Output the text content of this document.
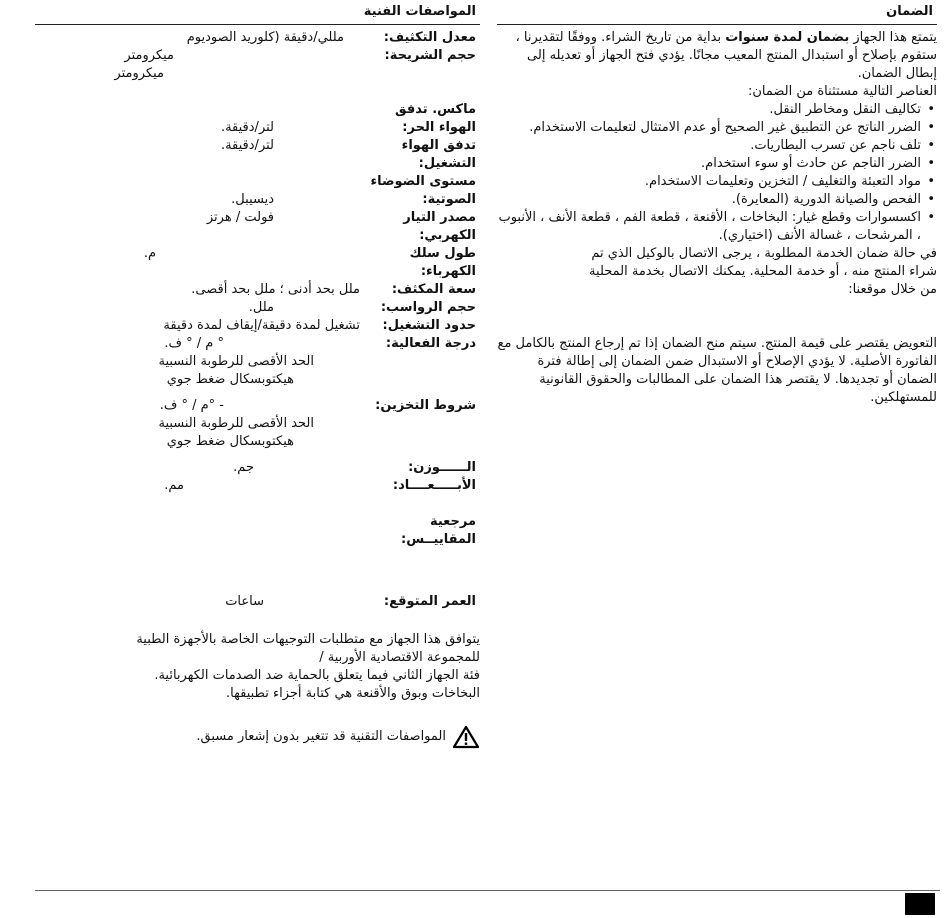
الضمان

يتمتع هذا الجهاز بضمان لمدة سنوات بداية من تاريخ الشراء. ووفقًا لتقديرنا ، ستقوم بإصلاح أو استبدال المنتج المعيب مجانًا. يؤدي فتح الجهاز أو تعديله إلى إبطال الضمان.

العناصر التالية مستثناة من الضمان:

• تكاليف النقل ومخاطر النقل.
• الضرر الناتج عن التطبيق غير الصحيح أو عدم الامتثال لتعليمات الاستخدام.
• تلف ناجم عن تسرب البطاريات.
• الضرر الناجم عن حادث أو سوء استخدام.
• مواد التعبئة والتغليف / التخزين وتعليمات الاستخدام.
• الفحص والصيانة الدورية (المعايرة).
• اكسسوارات وقطع غيار: البخاخات ، الأقنعة ، قطعة الفم ، قطعة الأنف ، الأنبوب ، المرشحات ، غسالة الأنف (اختياري).

في حالة ضمان الخدمة المطلوبة ، يرجى الاتصال بالوكيل الذي تم شراء المنتج منه ، أو خدمة المحلية. يمكنك الاتصال بخدمة المحلية من خلال موقعنا:

التعويض يقتصر على قيمة المنتج. سيتم منح الضمان إذا تم إرجاع المنتج بالكامل مع الفاتورة الأصلية. لا يؤدي الإصلاح أو الاستبدال ضمن الضمان إلى إطالة فترة الضمان أو تجديدها. لا يقتصر هذا الضمان على المطالبات والحقوق القانونية للمستهلكين.

المواصفات الفنية
معدل التكثيف:
مللي/دقيقة (كلوريد الصوديوم
حجم الشريحة:
ميكرومتر
ميكرومتر
ماكس. تدفق
الهواء الحر:
لتر/دقيقة.
تدفق الهواء التشغيل:
لتر/دقيقة.
مستوى الضوضاء
الصوتية:
ديسيبل.
مصدر التيار الكهربي:
فولت / هرتز
طول سلك الكهرباء:
م.
سعة المكثف:
ملل بحد أدنى ؛ ملل بحد أقصى.
حجم الرواسب:
ملل.
حدود التشغيل:
تشغيل لمدة دقيقة/إيقاف لمدة دقيقة
درجة الفعالية:
° م / ° ف.
الحد الأقصى للرطوبة النسبية
هيكتوبسكال ضغط جوي
شروط التخزين:
- °م / ° ف.
الحد الأقصى للرطوبة النسبية
هيكتوبسكال ضغط جوي
الــــــوزن:
جم.
الأبـــــعــــاد:
مم.
مرجعية المقاييــس:
العمر المتوقع:
ساعات

يتوافق هذا الجهاز مع متطلبات التوجيهات الخاصة بالأجهزة الطبية للمجموعة الاقتصادية الأوربية /

فئة الجهاز الثاني فيما يتعلق بالحماية ضد الصدمات الكهربائية.

البخاخات وبوق والأقنعة هي كتابة أجزاء تطبيقها.

المواصفات التقنية قد تتغير بدون إشعار مسبق.
